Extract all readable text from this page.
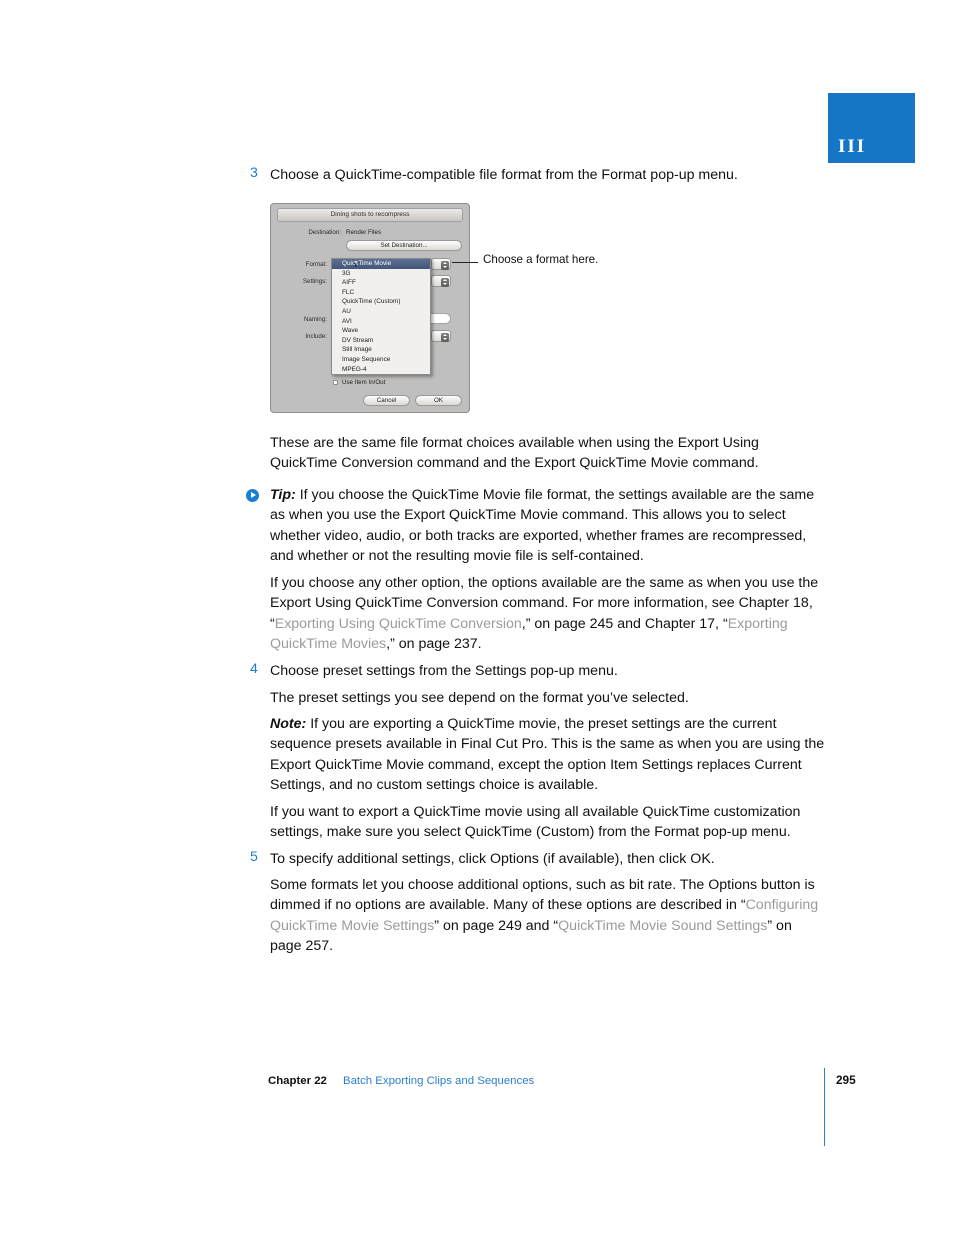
III
3 Choose a QuickTime-compatible file format from the Format pop-up menu.
Dining shots to recompress
Destination: Render Files
Set Destination...
Format:
Settings:
Naming:
Include:
QuickTime Movie
3G
AIFF
FLC
QuickTime (Custom)
AU
AVI
Wave
DV Stream
Still Image
Image Sequence
MPEG-4
Use Item In/Out
Cancel	OK
Choose a format here.
These are the same file format choices available when using the Export Using QuickTime Conversion command and the Export QuickTime Movie command.
Tip: If you choose the QuickTime Movie file format, the settings available are the same as when you use the Export QuickTime Movie command. This allows you to select whether video, audio, or both tracks are exported, whether frames are recompressed, and whether or not the resulting movie file is self-contained.
If you choose any other option, the options available are the same as when you use the Export Using QuickTime Conversion command. For more information, see Chapter 18, “Exporting Using QuickTime Conversion,” on page 245 and Chapter 17, “Exporting QuickTime Movies,” on page 237.
4 Choose preset settings from the Settings pop-up menu.
The preset settings you see depend on the format you’ve selected.
Note: If you are exporting a QuickTime movie, the preset settings are the current sequence presets available in Final Cut Pro. This is the same as when you are using the Export QuickTime Movie command, except the option Item Settings replaces Current Settings, and no custom settings choice is available.
If you want to export a QuickTime movie using all available QuickTime customization settings, make sure you select QuickTime (Custom) from the Format pop-up menu.
5 To specify additional settings, click Options (if available), then click OK.
Some formats let you choose additional options, such as bit rate. The Options button is dimmed if no options are available. Many of these options are described in “Configuring QuickTime Movie Settings” on page 249 and “QuickTime Movie Sound Settings” on page 257.
Chapter 22 Batch Exporting Clips and Sequences	295
